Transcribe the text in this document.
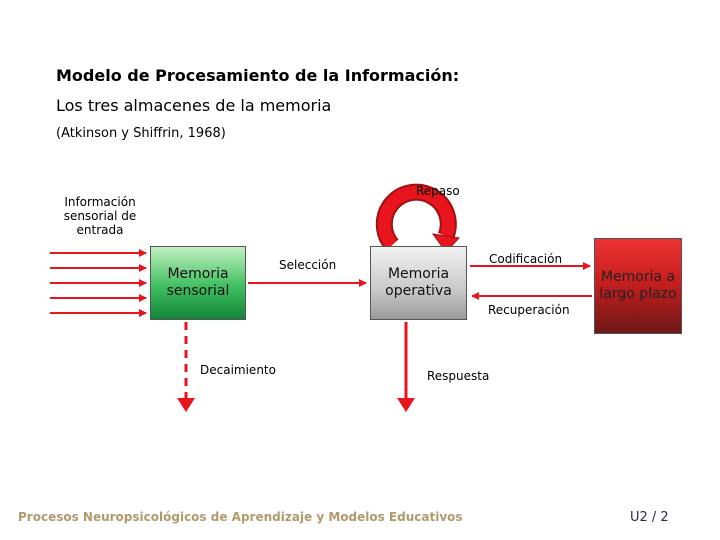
Modelo de Procesamiento de la Información:
Los tres almacenes de la memoria
(Atkinson y Shiffrin, 1968)
Información sensorial de entrada
Memoria sensorial
Memoria operativa
Memoria a largo plazo
Repaso
Selección	Codificación
Recuperación
Decaimiento	Respuesta
Procesos Neuropsicológicos de Aprendizaje y Modelos Educativos	U2 / 2
